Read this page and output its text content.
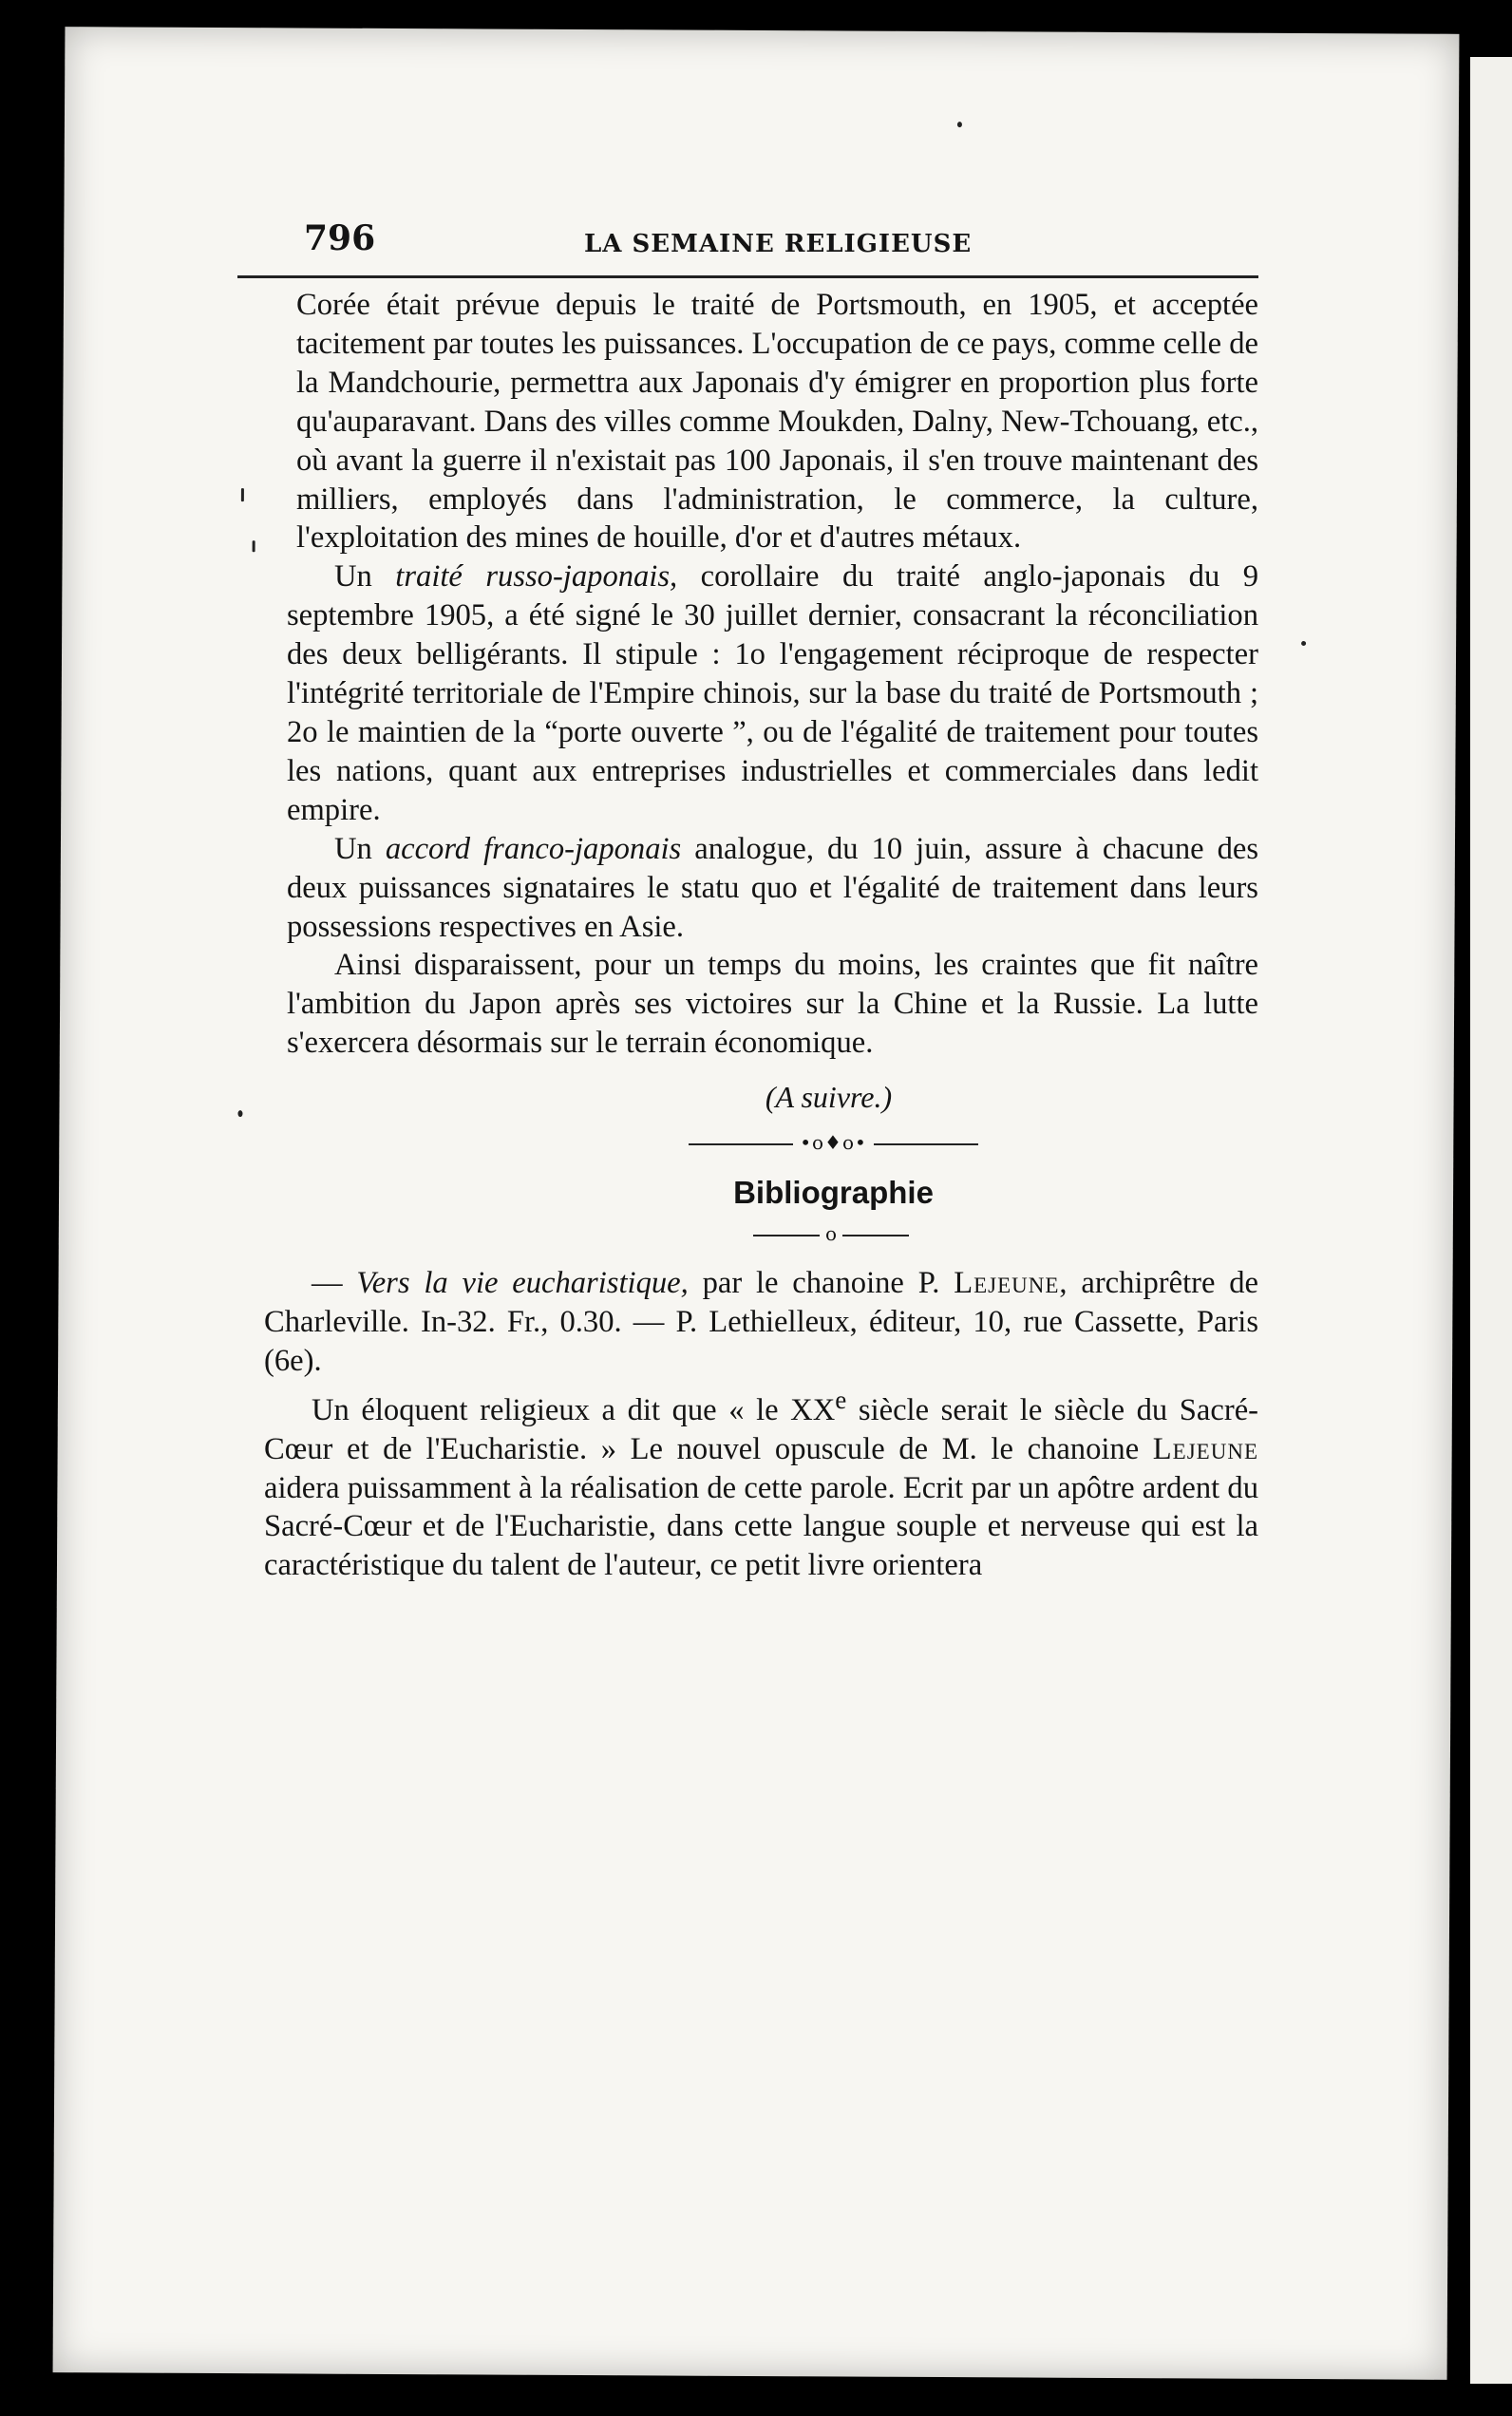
796	LA SEMAINE RELIGIEUSE

Corée était prévue depuis le traité de Portsmouth, en 1905, et acceptée tacitement par toutes les puissances. L'occupation de ce pays, comme celle de la Mandchourie, permettra aux Japonais d'y émigrer en proportion plus forte qu'auparavant. Dans des villes comme Moukden, Dalny, New-Tchouang, etc., où avant la guerre il n'existait pas 100 Japonais, il s'en trouve maintenant des milliers, employés dans l'administration, le commerce, la culture, l'exploitation des mines de houille, d'or et d'autres métaux.

Un traité russo-japonais, corollaire du traité anglo-japonais du 9 septembre 1905, a été signé le 30 juillet dernier, consacrant la réconciliation des deux belligérants. Il stipule : 1o l'engagement réciproque de respecter l'intégrité territoriale de l'Empire chinois, sur la base du traité de Portsmouth ; 2o le maintien de la “porte ouverte ”, ou de l'égalité de traitement pour toutes les nations, quant aux entreprises industrielles et commerciales dans ledit empire.

Un accord franco-japonais analogue, du 10 juin, assure à chacune des deux puissances signataires le statu quo et l'égalité de traitement dans leurs possessions respectives en Asie.

Ainsi disparaissent, pour un temps du moins, les craintes que fit naître l'ambition du Japon après ses victoires sur la Chine et la Russie. La lutte s'exercera désormais sur le terrain économique.

(A suivre.)
•o♦o•
Bibliographie
o

— Vers la vie eucharistique, par le chanoine P. Lejeune, archiprêtre de Charleville. In-32. Fr., 0.30. — P. Lethielleux, éditeur, 10, rue Cassette, Paris (6e).

Un éloquent religieux a dit que « le XXe siècle serait le siècle du Sacré-Cœur et de l'Eucharistie. » Le nouvel opuscule de M. le chanoine Lejeune aidera puissamment à la réalisation de cette parole. Ecrit par un apôtre ardent du Sacré-Cœur et de l'Eucharistie, dans cette langue souple et nerveuse qui est la caractéristique du talent de l'auteur, ce petit livre orientera
